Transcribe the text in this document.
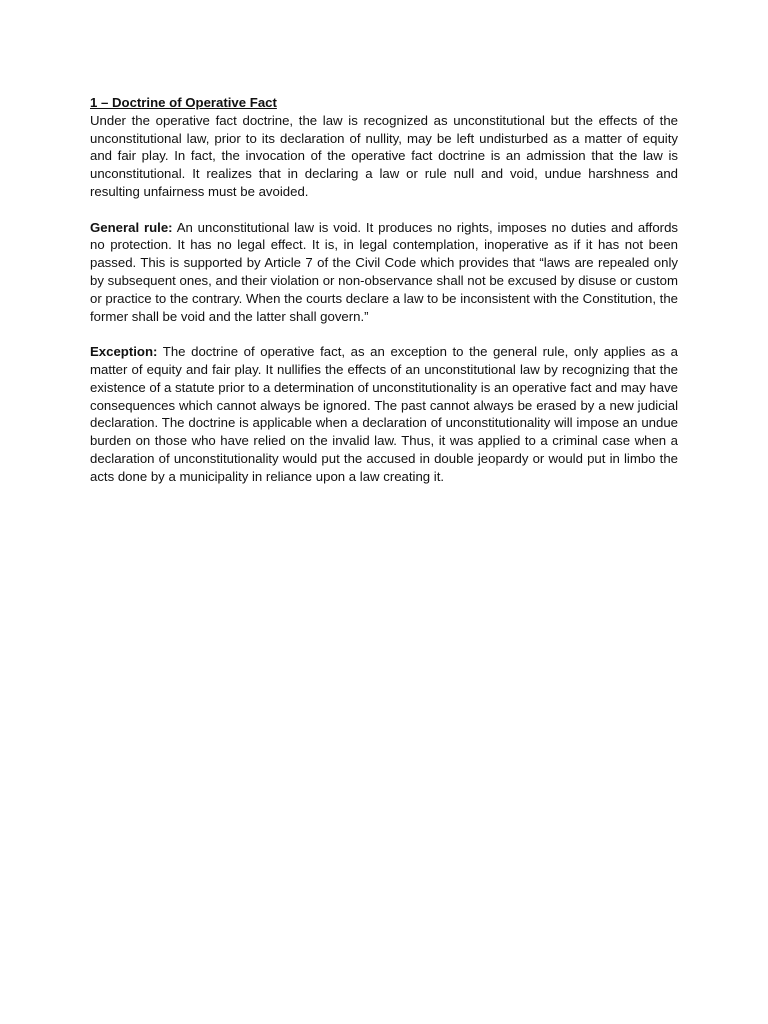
1 – Doctrine of Operative Fact

Under the operative fact doctrine, the law is recognized as unconstitutional but the effects of the unconstitutional law, prior to its declaration of nullity, may be left undisturbed as a matter of equity and fair play. In fact, the invocation of the operative fact doctrine is an admission that the law is unconstitutional. It realizes that in declaring a law or rule null and void, undue harshness and resulting unfairness must be avoided.

General rule: An unconstitutional law is void. It produces no rights, imposes no duties and affords no protection. It has no legal effect. It is, in legal contemplation, inoperative as if it has not been passed. This is supported by Article 7 of the Civil Code which provides that “laws are repealed only by subsequent ones, and their violation or non-observance shall not be excused by disuse or custom or practice to the contrary. When the courts declare a law to be inconsistent with the Constitution, the former shall be void and the latter shall govern.”

Exception: The doctrine of operative fact, as an exception to the general rule, only applies as a matter of equity and fair play. It nullifies the effects of an unconstitutional law by recognizing that the existence of a statute prior to a determination of unconstitutionality is an operative fact and may have consequences which cannot always be ignored. The past cannot always be erased by a new judicial declaration. The doctrine is applicable when a declaration of unconstitutionality will impose an undue burden on those who have relied on the invalid law. Thus, it was applied to a criminal case when a declaration of unconstitutionality would put the accused in double jeopardy or would put in limbo the acts done by a municipality in reliance upon a law creating it.
